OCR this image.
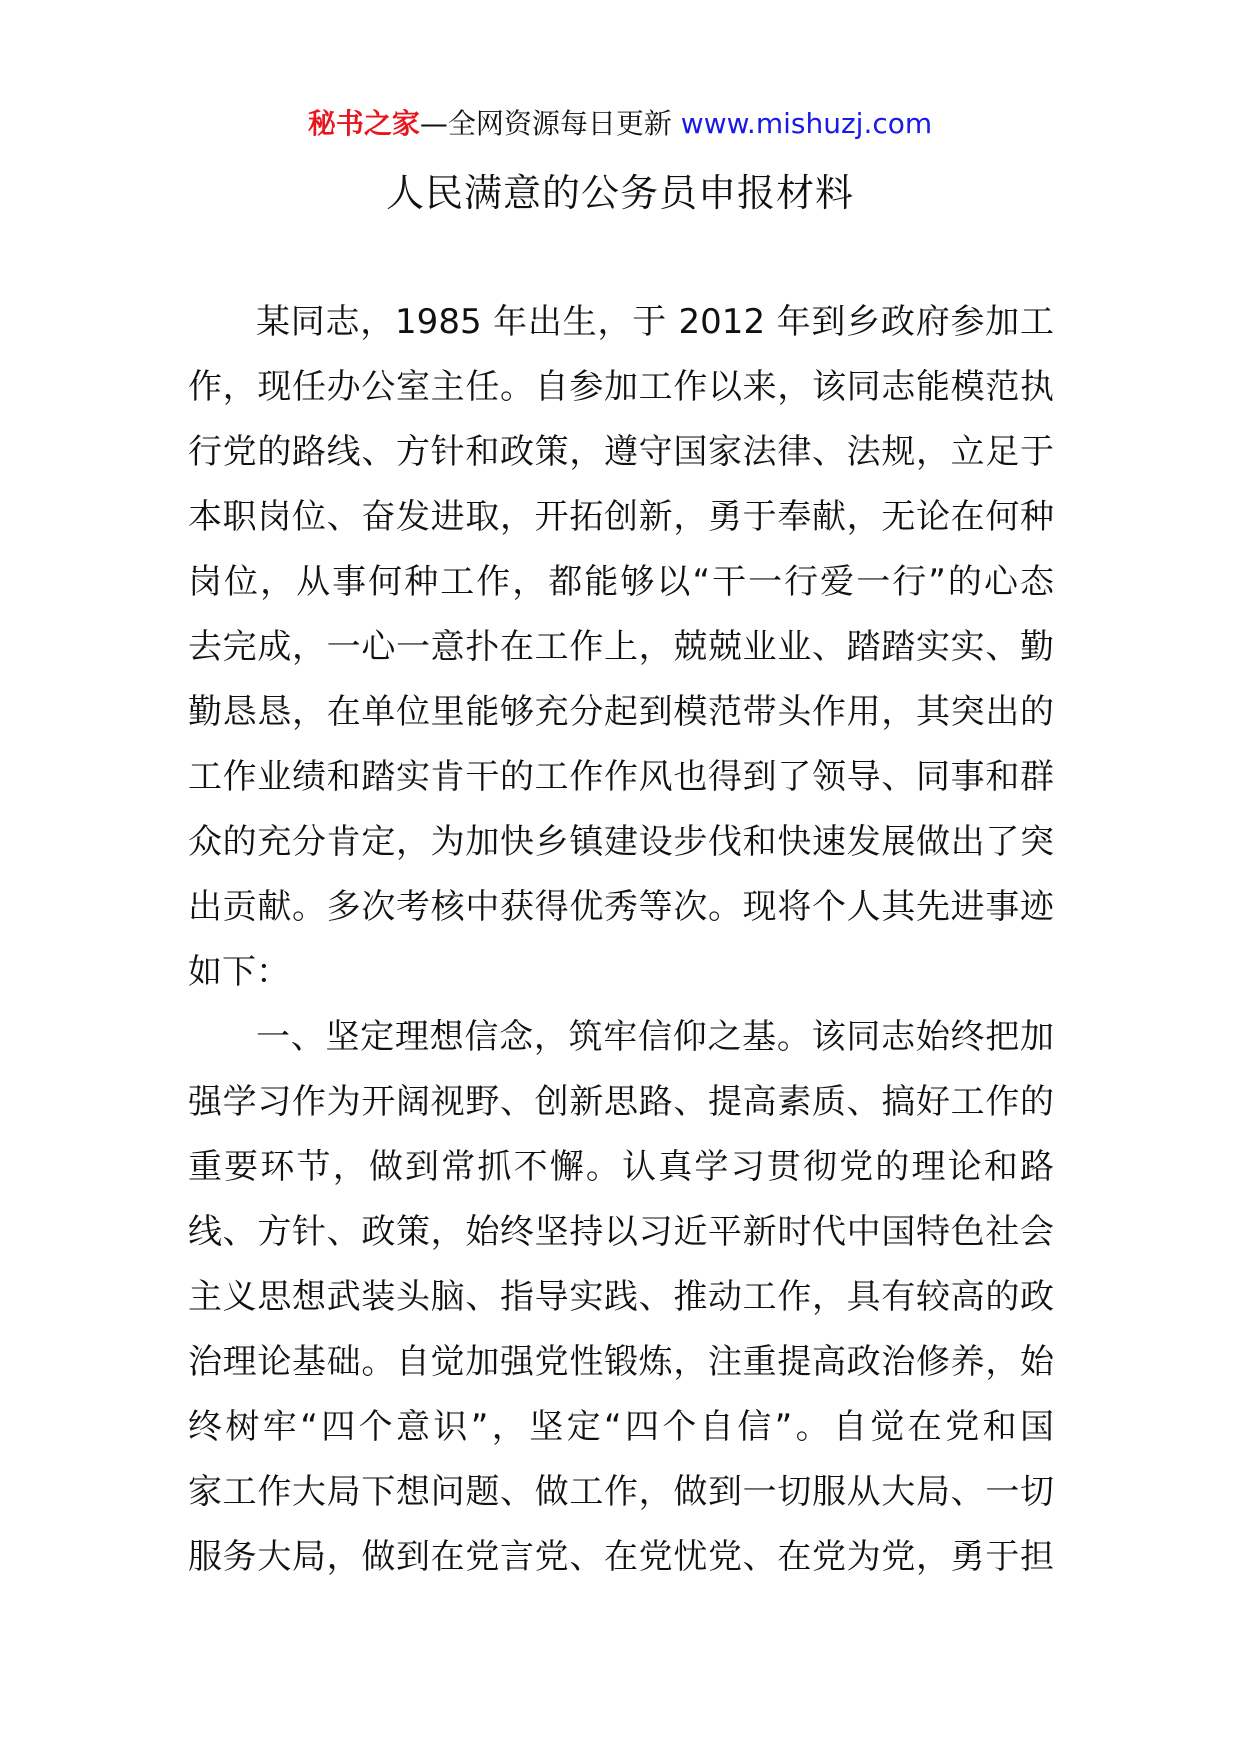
秘书之家—全网资源每日更新 www.mishuzj.com
人民满意的公务员申报材料
某同志，1985 年出生，于 2012 年到乡政府参加工
作，现任办公室主任。自参加工作以来，该同志能模范执
行党的路线、方针和政策，遵守国家法律、法规，立足于
本职岗位、奋发进取，开拓创新，勇于奉献，无论在何种
岗位，从事何种工作，都能够以“干一行爱一行”的心态
去完成，一心一意扑在工作上，兢兢业业、踏踏实实、勤
勤恳恳，在单位里能够充分起到模范带头作用，其突出的
工作业绩和踏实肯干的工作作风也得到了领导、同事和群
众的充分肯定，为加快乡镇建设步伐和快速发展做出了突
出贡献。多次考核中获得优秀等次。现将个人其先进事迹
如下：
一、坚定理想信念，筑牢信仰之基。该同志始终把加
强学习作为开阔视野、创新思路、提高素质、搞好工作的
重要环节，做到常抓不懈。认真学习贯彻党的理论和路
线、方针、政策，始终坚持以习近平新时代中国特色社会
主义思想武装头脑、指导实践、推动工作，具有较高的政
治理论基础。自觉加强党性锻炼，注重提高政治修养，始
终树牢“四个意识”，坚定“四个自信”。自觉在党和国
家工作大局下想问题、做工作，做到一切服从大局、一切
服务大局，做到在党言党、在党忧党、在党为党，勇于担
